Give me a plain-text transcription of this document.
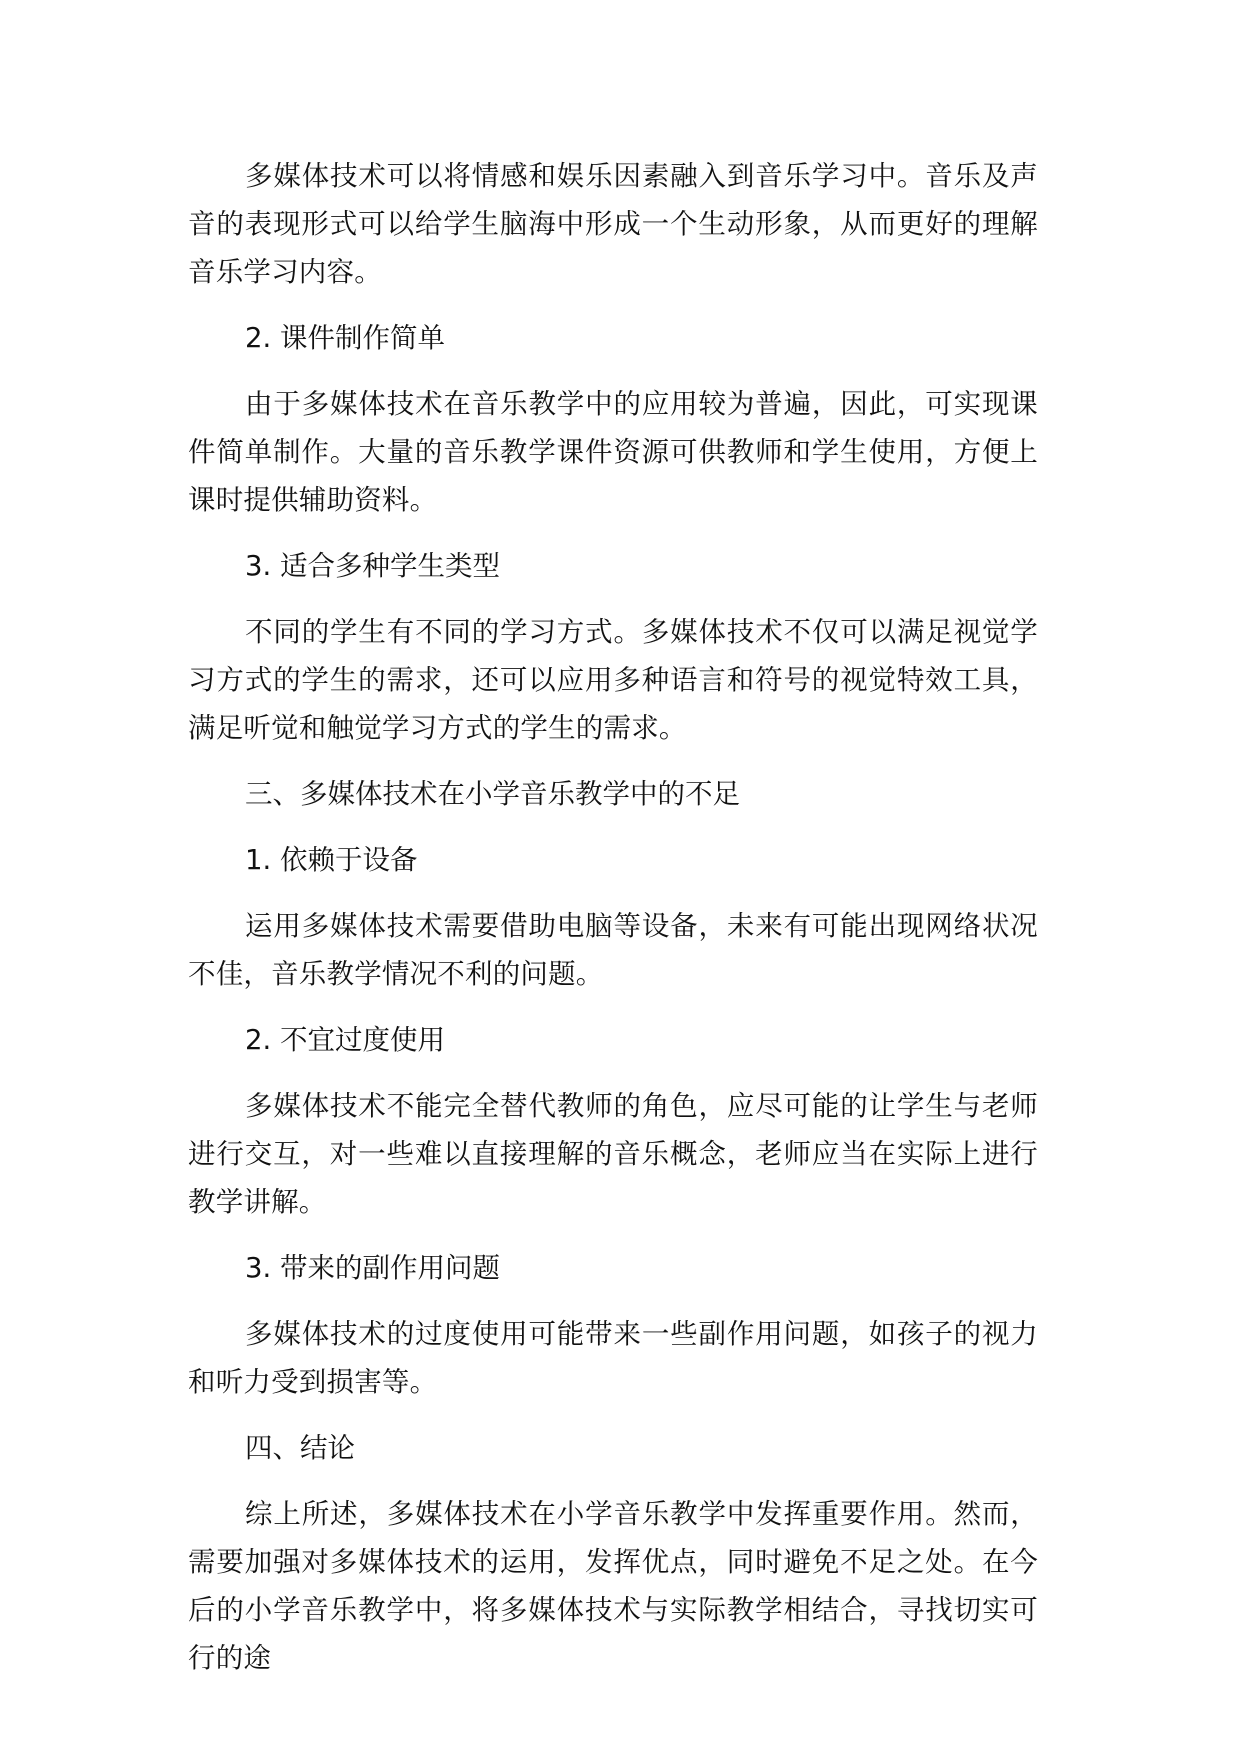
多媒体技术可以将情感和娱乐因素融入到音乐学习中。音乐及声音的表现形式可以给学生脑海中形成一个生动形象，从而更好的理解音乐学习内容。

2. 课件制作简单

由于多媒体技术在音乐教学中的应用较为普遍，因此，可实现课件简单制作。大量的音乐教学课件资源可供教师和学生使用，方便上课时提供辅助资料。

3. 适合多种学生类型

不同的学生有不同的学习方式。多媒体技术不仅可以满足视觉学习方式的学生的需求，还可以应用多种语言和符号的视觉特效工具，满足听觉和触觉学习方式的学生的需求。

三、多媒体技术在小学音乐教学中的不足

1. 依赖于设备

运用多媒体技术需要借助电脑等设备，未来有可能出现网络状况不佳，音乐教学情况不利的问题。

2. 不宜过度使用

多媒体技术不能完全替代教师的角色，应尽可能的让学生与老师进行交互，对一些难以直接理解的音乐概念，老师应当在实际上进行教学讲解。

3. 带来的副作用问题

多媒体技术的过度使用可能带来一些副作用问题，如孩子的视力和听力受到损害等。

四、结论

综上所述，多媒体技术在小学音乐教学中发挥重要作用。然而，需要加强对多媒体技术的运用，发挥优点，同时避免不足之处。在今后的小学音乐教学中，将多媒体技术与实际教学相结合，寻找切实可行的途
